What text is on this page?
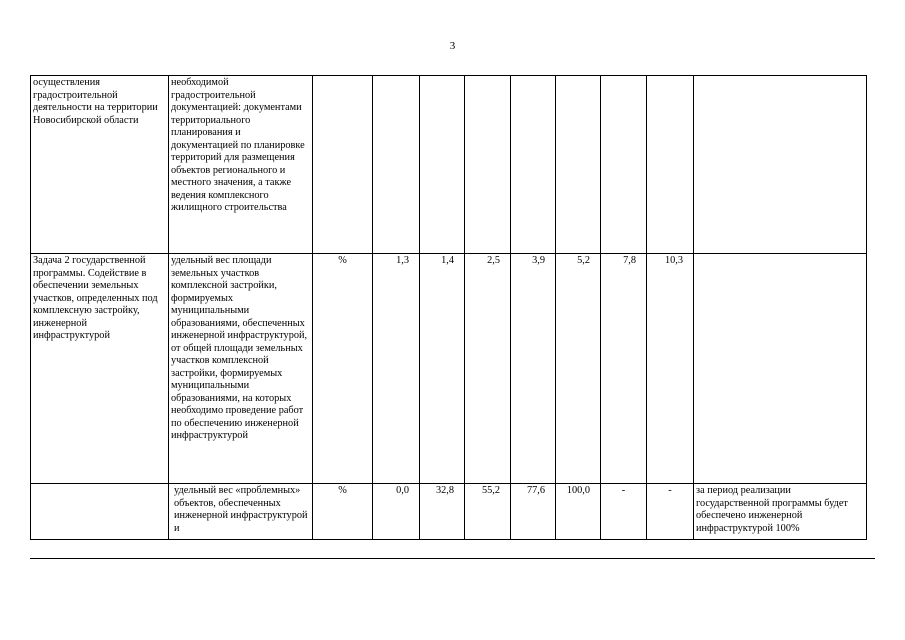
3
осуществления градостроительной деятельности на территории Новосибирской области	необходимой градостроительной документацией: документами территориального планирования и документацией по планировке территорий для размещения объектов регионального и местного значения, а также ведения комплексного жилищного строительства									
Задача 2 государственной программы. Содействие в обеспечении земельных участков, определенных под комплексную застройку, инженерной инфраструктурой	удельный вес площади земельных участков комплексной застройки, формируемых муниципальными образованиями, обеспеченных инженерной инфраструктурой, от общей площади земельных участков комплексной застройки, формируемых муниципальными образованиями, на которых необходимо проведение работ по обеспечению инженерной инфраструктурой	%	1,3	1,4	2,5	3,9	5,2	7,8	10,3	
	удельный вес «проблемных» объектов, обеспеченных инженерной инфраструктурой и	%	0,0	32,8	55,2	77,6	100,0	-	-	за период реализации государственной программы будет обеспечено инженерной инфраструктурой 100%
